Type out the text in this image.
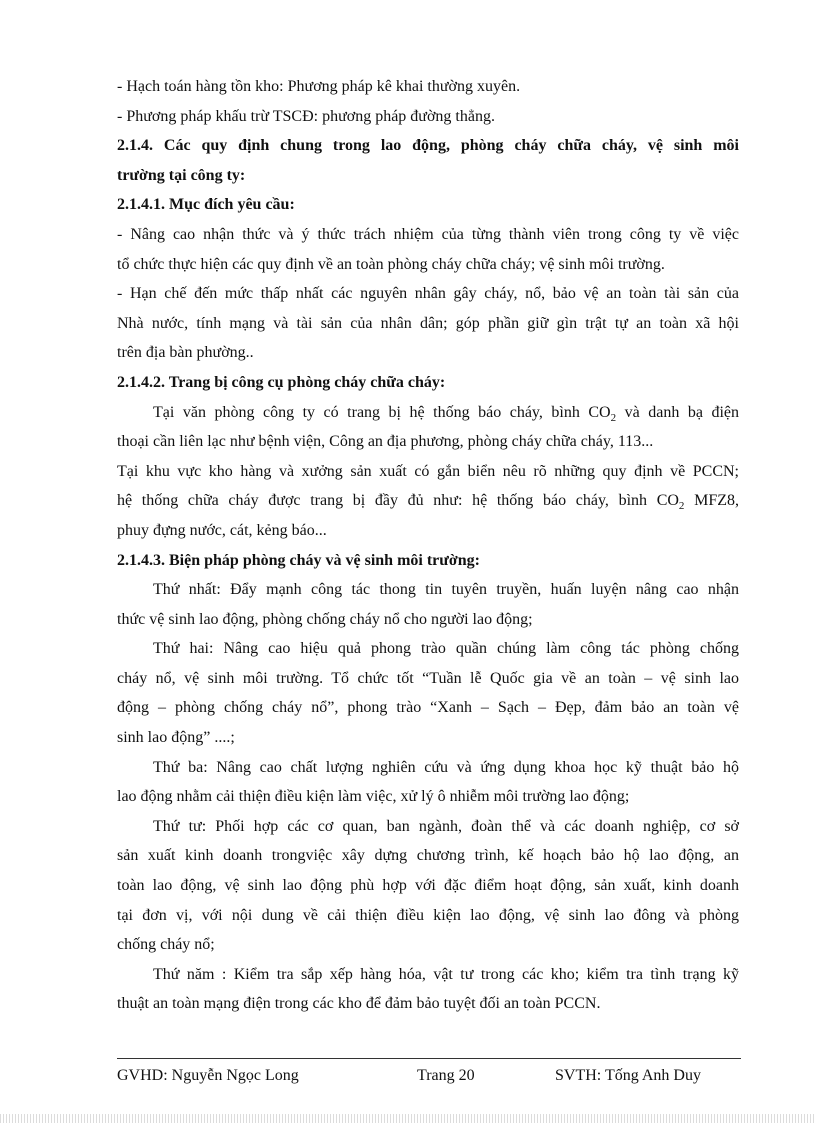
- Hạch toán hàng tồn kho: Phương pháp kê khai thường xuyên.

- Phương pháp khấu trừ TSCĐ: phương pháp đường thẳng.

2.1.4. Các quy định chung trong lao động, phòng cháy chữa cháy, vệ sinh môi

trường tại công ty:

2.1.4.1. Mục đích yêu cầu:

- Nâng cao nhận thức và ý thức trách nhiệm của từng thành viên trong công ty về việc

tổ chức thực hiện các quy định về an toàn phòng cháy chữa cháy; vệ sinh môi trường.

- Hạn chế đến mức thấp nhất các nguyên nhân gây cháy, nổ, bảo vệ an toàn tài sản của

Nhà nước, tính mạng và tài sản của nhân dân; góp phần giữ gìn trật tự an toàn xã hội

trên địa bàn phường..

2.1.4.2. Trang bị công cụ phòng cháy chữa cháy:

Tại văn phòng công ty có trang bị hệ thống báo cháy, bình $CO_2$ và danh bạ điện

thoại cần liên lạc như bệnh viện, Công an địa phương, phòng cháy chữa cháy, 113...

Tại khu vực kho hàng và xưởng sản xuất có gắn biển nêu rõ những quy định về PCCN;

hệ thống chữa cháy được trang bị đầy đủ như: hệ thống báo cháy, bình $CO_2$ MFZ8,

phuy đựng nước, cát, kẻng báo...

2.1.4.3. Biện pháp phòng cháy và vệ sinh môi trường:

Thứ nhất: Đẩy mạnh công tác thong tin tuyên truyền, huấn luyện nâng cao nhận

thức vệ sinh lao động, phòng chống cháy nổ cho người lao động;

Thứ hai: Nâng cao hiệu quả phong trào quần chúng làm công tác phòng chống

cháy nổ, vệ sinh môi trường. Tổ chức tốt “Tuần lễ Quốc gia về an toàn – vệ sinh lao

động – phòng chống cháy nổ”, phong trào “Xanh – Sạch – Đẹp, đảm bảo an toàn vệ

sinh lao động” ....;

Thứ ba: Nâng cao chất lượng nghiên cứu và ứng dụng khoa học kỹ thuật bảo hộ

lao động nhằm cải thiện điều kiện làm việc, xử lý ô nhiễm môi trường lao động;

Thứ tư: Phối hợp các cơ quan, ban ngành, đoàn thể và các doanh nghiệp, cơ sở

sản xuất kinh doanh trongviệc xây dựng chương trình, kế hoạch bảo hộ lao động, an

toàn lao động, vệ sinh lao động phù hợp với đặc điểm hoạt động, sản xuất, kinh doanh

tại đơn vị, với nội dung về cải thiện điều kiện lao động, vệ sinh lao đông và phòng

chống cháy nổ;

Thứ năm : Kiểm tra sắp xếp hàng hóa, vật tư trong các kho; kiểm tra tình trạng kỹ

thuật an toàn mạng điện trong các kho để đảm bảo tuyệt đối an toàn PCCN.

GVHD: Nguyễn Ngọc Long	Trang 20	SVTH: Tống Anh Duy
